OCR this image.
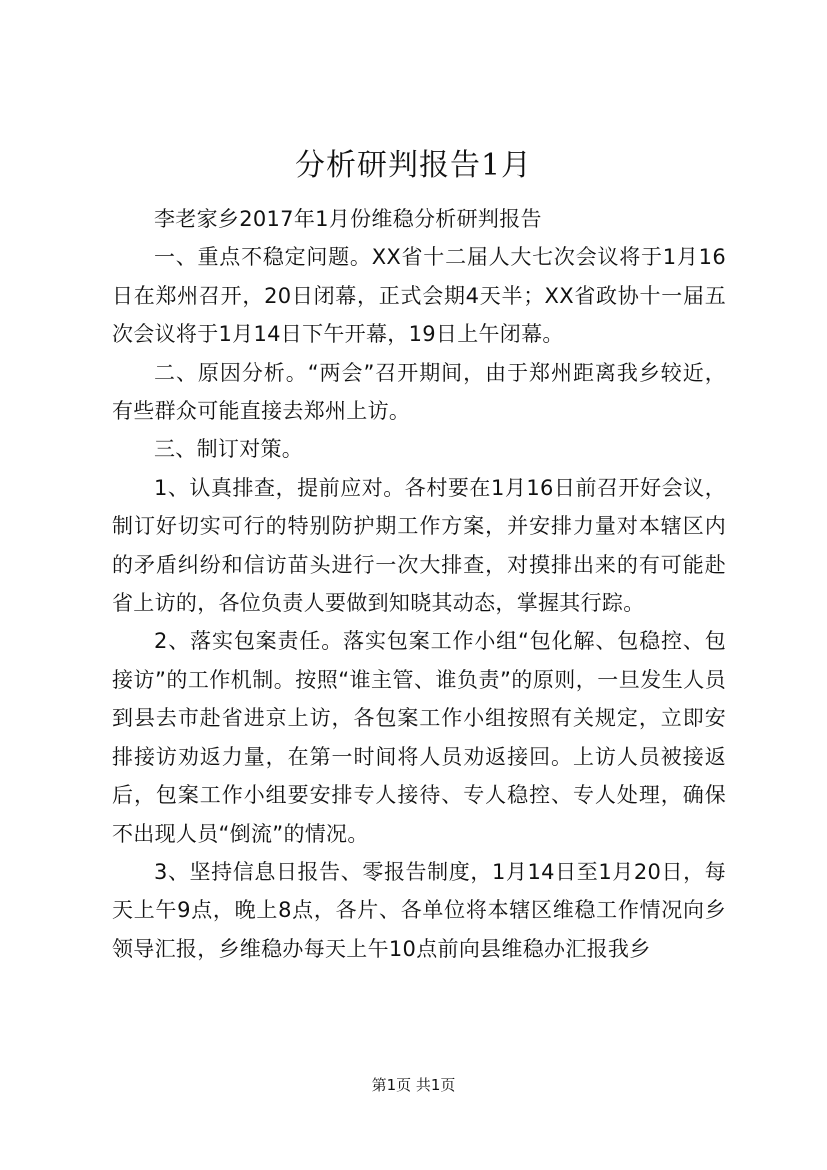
分析研判报告1月

李老家乡2017年1月份维稳分析研判报告

一、重点不稳定问题。XX省十二届人大七次会议将于1月16日在郑州召开，20日闭幕，正式会期4天半；XX省政协十一届五次会议将于1月14日下午开幕，19日上午闭幕。

二、原因分析。“两会”召开期间，由于郑州距离我乡较近，有些群众可能直接去郑州上访。

三、制订对策。

1、认真排查，提前应对。各村要在1月16日前召开好会议，制订好切实可行的特别防护期工作方案，并安排力量对本辖区内的矛盾纠纷和信访苗头进行一次大排查，对摸排出来的有可能赴省上访的，各位负责人要做到知晓其动态，掌握其行踪。

2、落实包案责任。落实包案工作小组“包化解、包稳控、包接访”的工作机制。按照“谁主管、谁负责”的原则，一旦发生人员到县去市赴省进京上访，各包案工作小组按照有关规定，立即安排接访劝返力量，在第一时间将人员劝返接回。上访人员被接返后，包案工作小组要安排专人接待、专人稳控、专人处理，确保不出现人员“倒流”的情况。

3、坚持信息日报告、零报告制度，1月14日至1月20日，每天上午9点，晚上8点，各片、各单位将本辖区维稳工作情况向乡领导汇报，乡维稳办每天上午10点前向县维稳办汇报我乡

第1页 共1页
